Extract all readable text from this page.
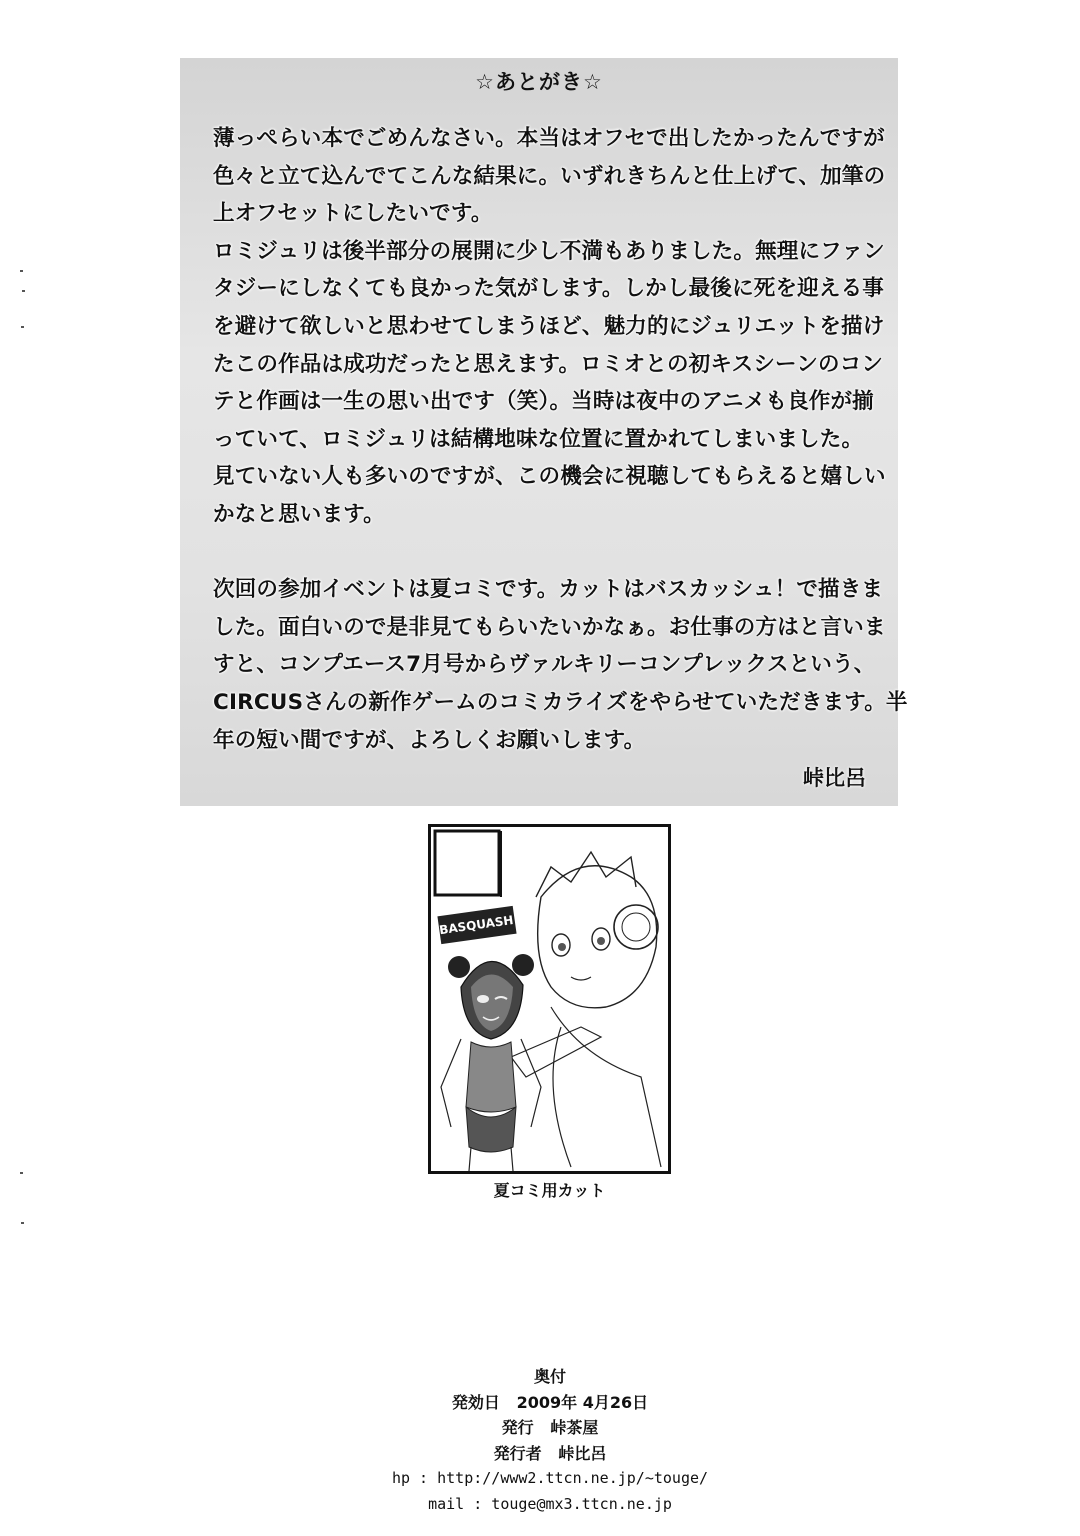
☆あとがき☆
薄っぺらい本でごめんなさい。本当はオフセで出したかったんですが
色々と立て込んでてこんな結果に。いずれきちんと仕上げて、加筆の
上オフセットにしたいです。
ロミジュリは後半部分の展開に少し不満もありました。無理にファン
タジーにしなくても良かった気がします。しかし最後に死を迎える事
を避けて欲しいと思わせてしまうほど、魅力的にジュリエットを描け
たこの作品は成功だったと思えます。ロミオとの初キスシーンのコン
テと作画は一生の思い出です（笑）。当時は夜中のアニメも良作が揃
っていて、ロミジュリは結構地味な位置に置かれてしまいました。
見ていない人も多いのですが、この機会に視聴してもらえると嬉しい
かなと思います。
次回の参加イベントは夏コミです。カットはバスカッシュ！で描きま
した。面白いので是非見てもらいたいかなぁ。お仕事の方はと言いま
すと、コンプエース7月号からヴァルキリーコンプレックスという、
CIRCUSさんの新作ゲームのコミカライズをやらせていただきます。半
年の短い間ですが、よろしくお願いします。
峠比呂
BASQUASH!
夏コミ用カット
奥付
発効日 2009年 4月26日
発行 峠茶屋
発行者 峠比呂
hp : http://www2.ttcn.ne.jp/~touge/
mail : touge@mx3.ttcn.ne.jp
